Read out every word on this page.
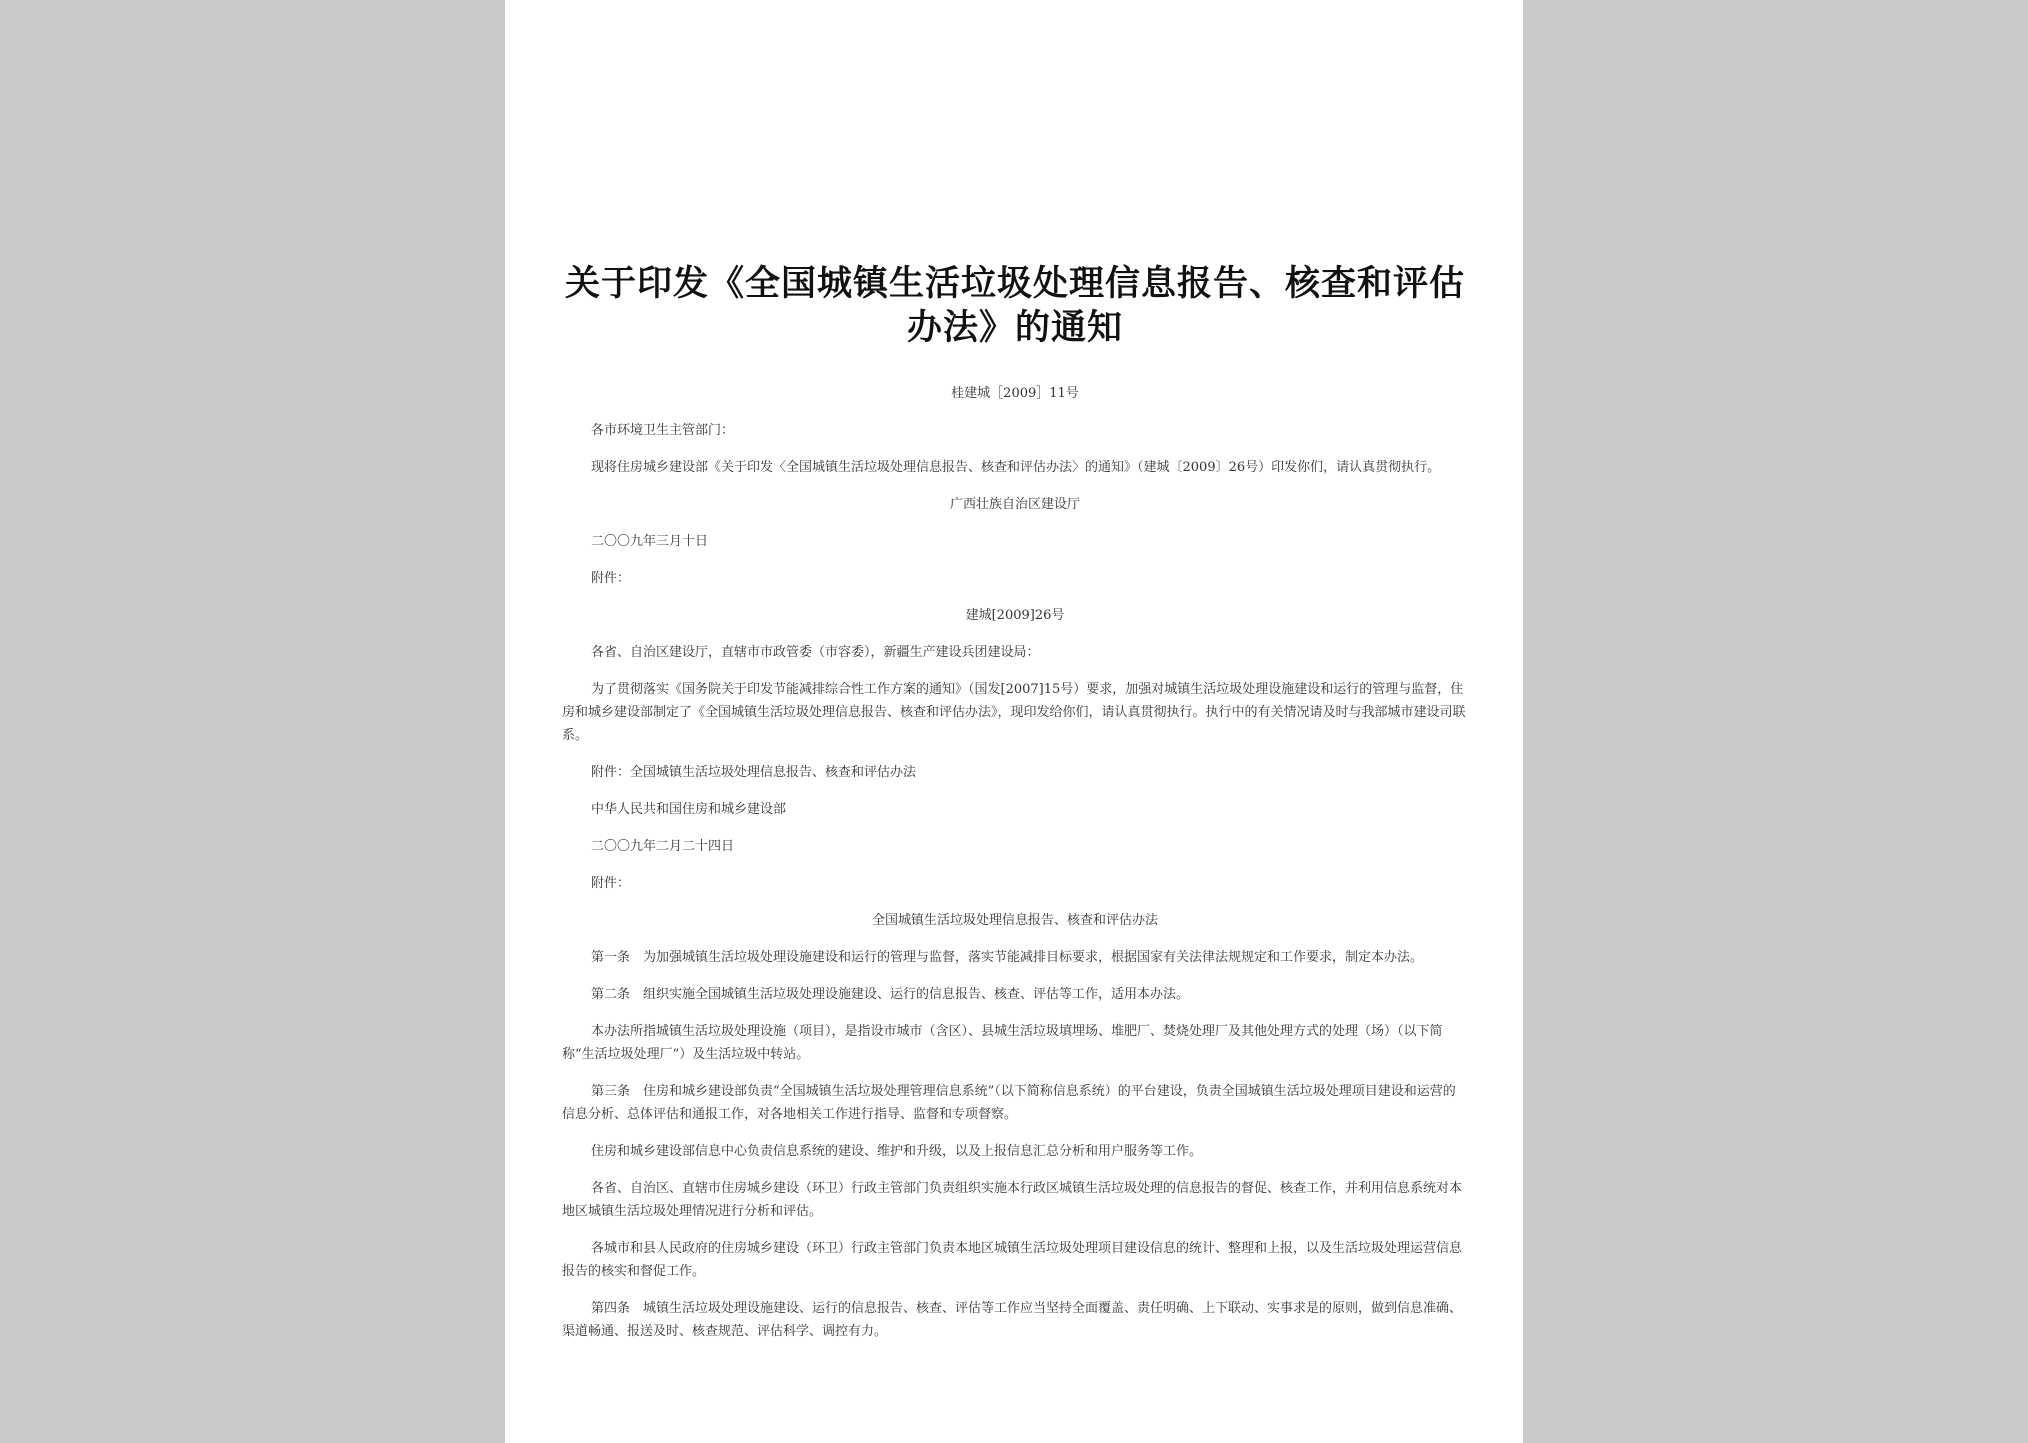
关于印发《全国城镇生活垃圾处理信息报告、核查和评估办法》的通知
桂建城［2009］11号
各市环境卫生主管部门：
现将住房城乡建设部《关于印发〈全国城镇生活垃圾处理信息报告、核查和评估办法〉的通知》（建城〔2009〕26号）印发你们，请认真贯彻执行。
广西壮族自治区建设厅
二〇〇九年三月十日
附件：
建城[2009]26号
各省、自治区建设厅，直辖市市政管委（市容委），新疆生产建设兵团建设局：
为了贯彻落实《国务院关于印发节能减排综合性工作方案的通知》（国发[2007]15号）要求，加强对城镇生活垃圾处理设施建设和运行的管理与监督，住房和城乡建设部制定了《全国城镇生活垃圾处理信息报告、核查和评估办法》，现印发给你们，请认真贯彻执行。执行中的有关情况请及时与我部城市建设司联系。
附件：全国城镇生活垃圾处理信息报告、核查和评估办法
中华人民共和国住房和城乡建设部
二〇〇九年二月二十四日
附件：
全国城镇生活垃圾处理信息报告、核查和评估办法
第一条　为加强城镇生活垃圾处理设施建设和运行的管理与监督，落实节能减排目标要求，根据国家有关法律法规规定和工作要求，制定本办法。
第二条　组织实施全国城镇生活垃圾处理设施建设、运行的信息报告、核查、评估等工作，适用本办法。
本办法所指城镇生活垃圾处理设施（项目），是指设市城市（含区）、县城生活垃圾填埋场、堆肥厂、焚烧处理厂及其他处理方式的处理（场）（以下简称“生活垃圾处理厂”）及生活垃圾中转站。
第三条　住房和城乡建设部负责“全国城镇生活垃圾处理管理信息系统”（以下简称信息系统）的平台建设，负责全国城镇生活垃圾处理项目建设和运营的信息分析、总体评估和通报工作，对各地相关工作进行指导、监督和专项督察。
住房和城乡建设部信息中心负责信息系统的建设、维护和升级，以及上报信息汇总分析和用户服务等工作。
各省、自治区、直辖市住房城乡建设（环卫）行政主管部门负责组织实施本行政区城镇生活垃圾处理的信息报告的督促、核查工作，并利用信息系统对本地区城镇生活垃圾处理情况进行分析和评估。
各城市和县人民政府的住房城乡建设（环卫）行政主管部门负责本地区城镇生活垃圾处理项目建设信息的统计、整理和上报，以及生活垃圾处理运营信息报告的核实和督促工作。
第四条　城镇生活垃圾处理设施建设、运行的信息报告、核查、评估等工作应当坚持全面覆盖、责任明确、上下联动、实事求是的原则，做到信息准确、渠道畅通、报送及时、核查规范、评估科学、调控有力。
